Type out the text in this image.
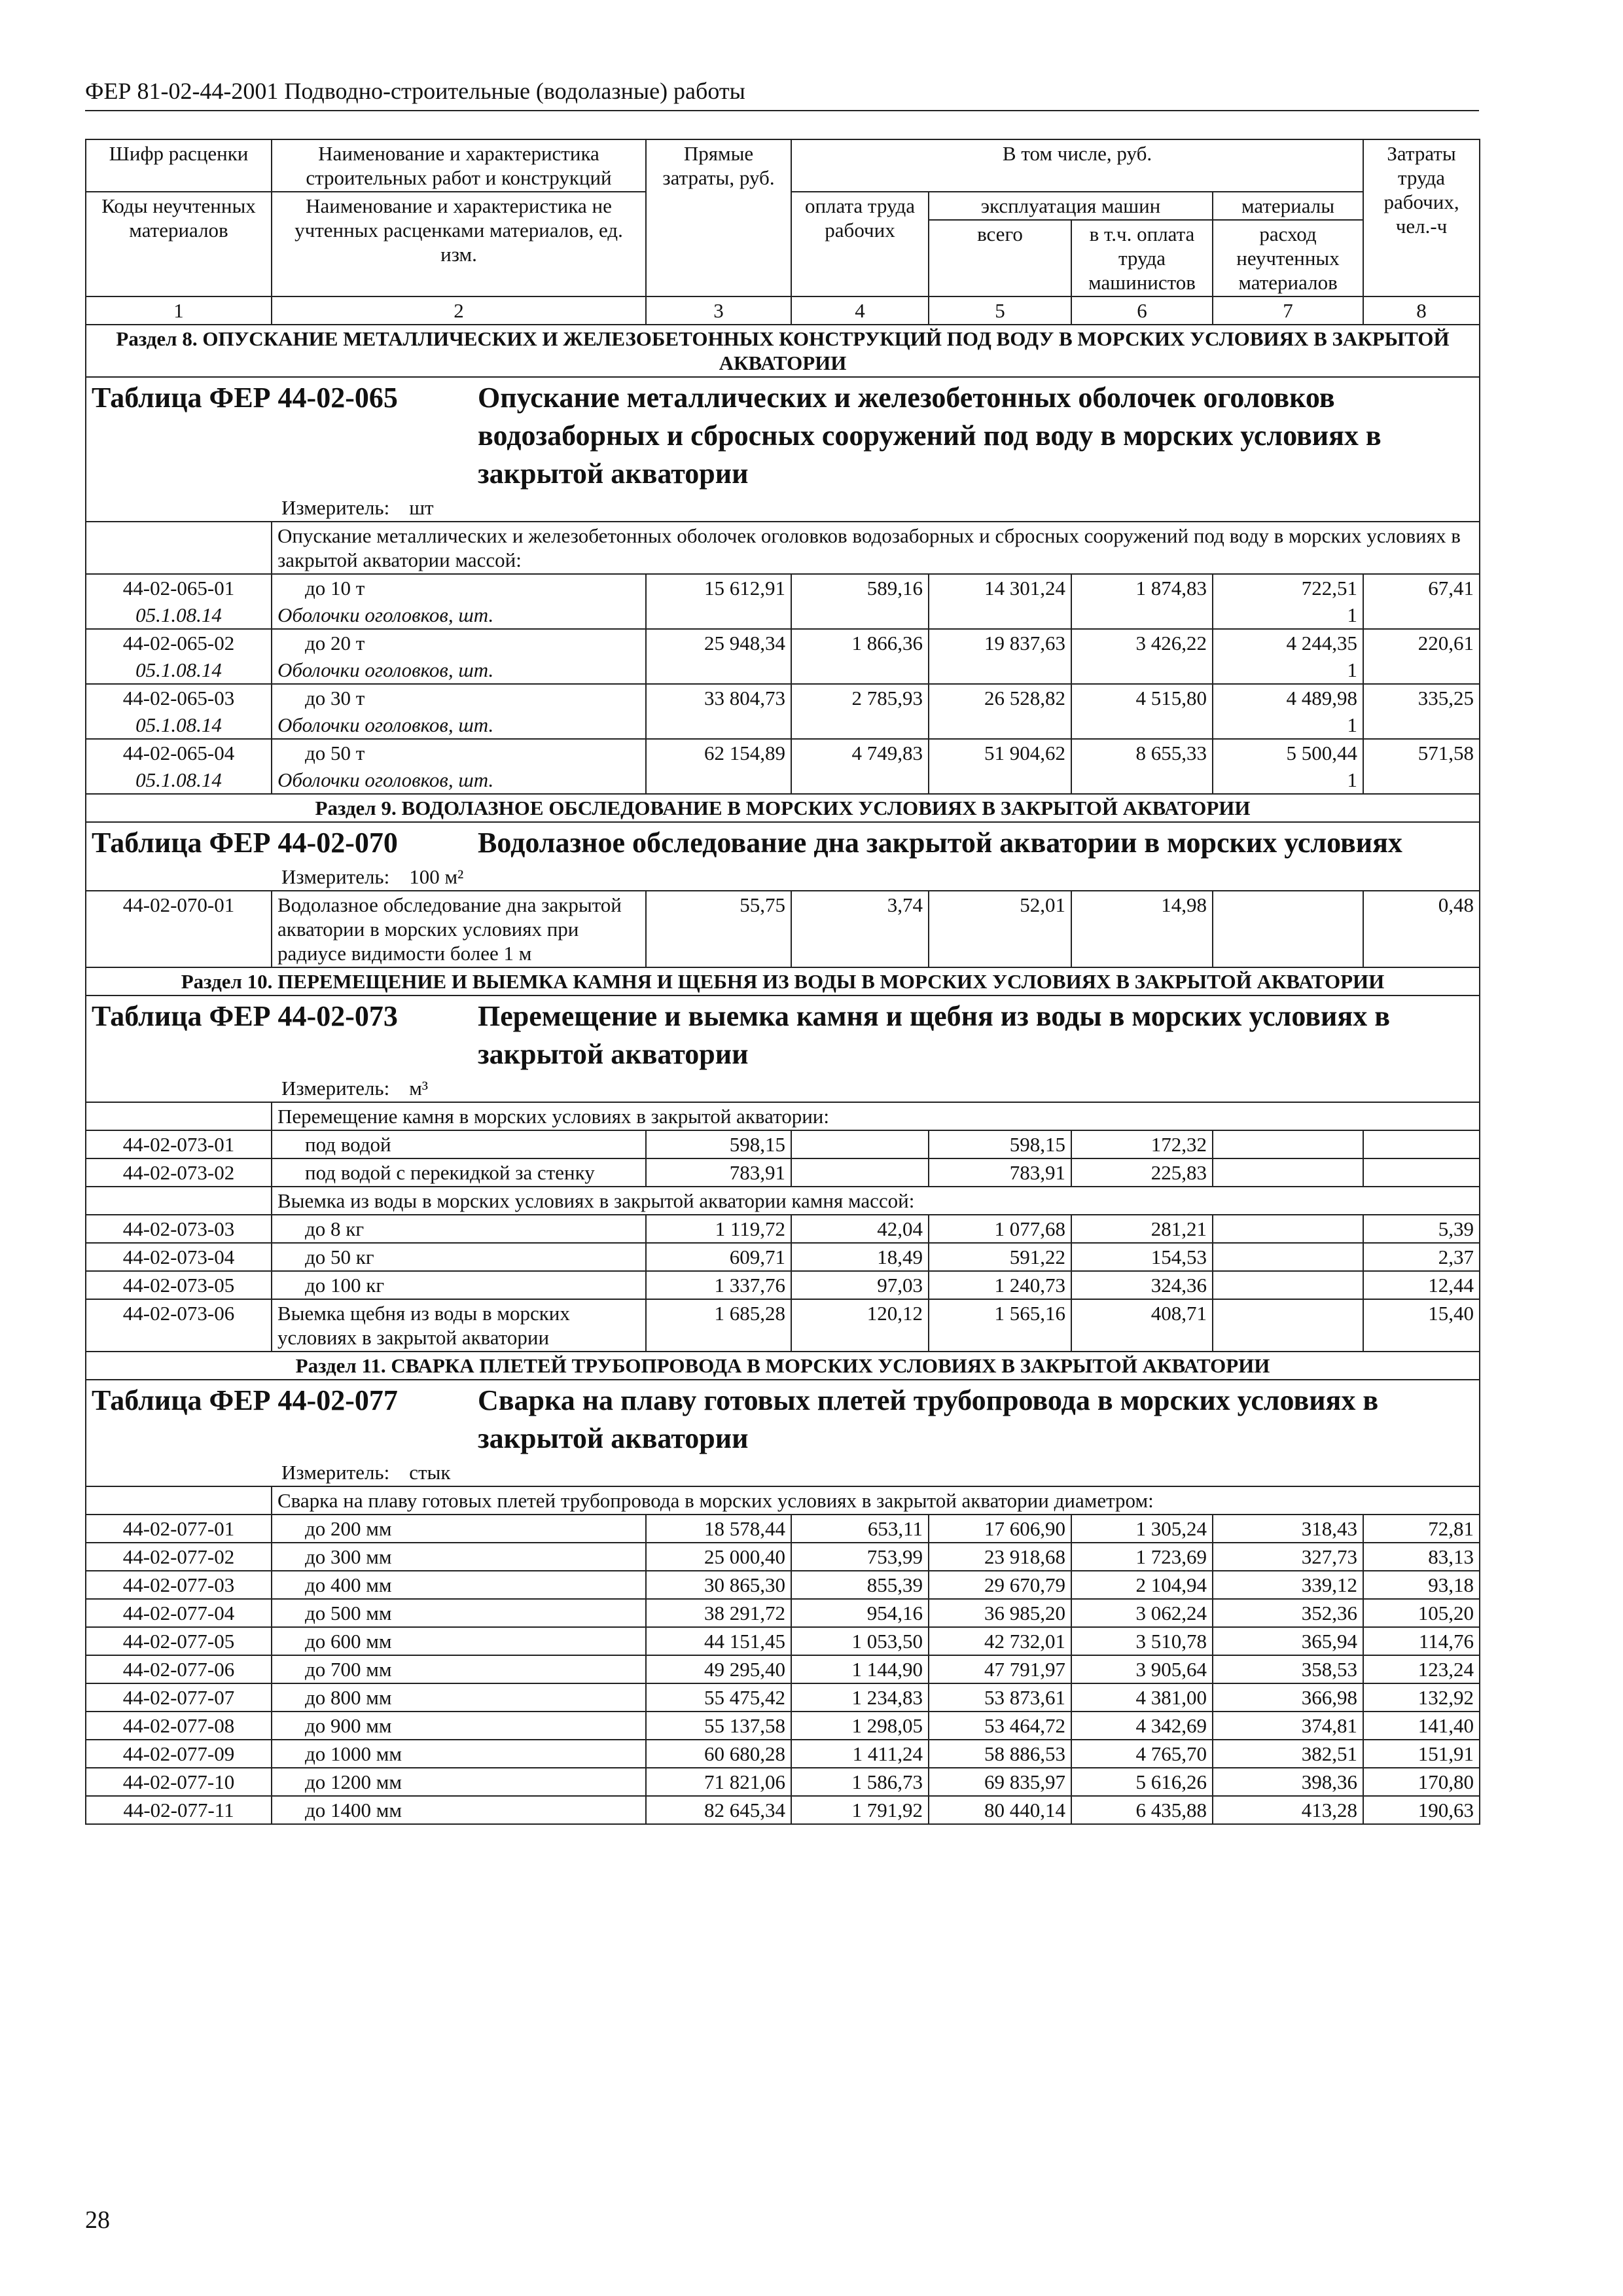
ФЕР 81-02-44-2001 Подводно-строительные (водолазные) работы
Шифр расценки	Наименование и характеристика строительных работ и конструкций	Прямые затраты, руб.	В том числе, руб.				Затраты труда рабочих, чел.-ч

Коды неучтенных материалов	Наименование и характеристика не учтенных расценками материалов, ед. изм.		оплата труда рабочих	эксплуатация машин		материалы	
				всего	в т.ч. оплата труда машинистов	расход неучтенных материалов	
1	2	3	4	5	6	7	8
Раздел 8. ОПУСКАНИЕ МЕТАЛЛИЧЕСКИХ И ЖЕЛЕЗОБЕТОННЫХ КОНСТРУКЦИЙ ПОД ВОДУ В МОРСКИХ УСЛОВИЯХ В ЗАКРЫТОЙ АКВАТОРИИ							

Таблица ФЕР 44-02-065 Опускание металлических и железобетонных оболочек оголовков водозаборных и сбросных сооружений под воду в морских условиях в закрытой акватории							

Измеритель: шт							

	Опускание металлических и железобетонных оболочек оголовков водозаборных и сбросных сооружений под воду в морских условиях в закрытой акватории массой:						
44-02-065-01	до 10 т	15 612,91	589,16	14 301,24	1 874,83	722,51	67,41
05.1.08.14	Оболочки оголовков, шт.					1	
44-02-065-02	до 20 т	25 948,34	1 866,36	19 837,63	3 426,22	4 244,35	220,61
05.1.08.14	Оболочки оголовков, шт.					1	
44-02-065-03	до 30 т	33 804,73	2 785,93	26 528,82	4 515,80	4 489,98	335,25
05.1.08.14	Оболочки оголовков, шт.					1	
44-02-065-04	до 50 т	62 154,89	4 749,83	51 904,62	8 655,33	5 500,44	571,58
05.1.08.14	Оболочки оголовков, шт.					1	
Раздел 9. ВОДОЛАЗНОЕ ОБСЛЕДОВАНИЕ В МОРСКИХ УСЛОВИЯХ В ЗАКРЫТОЙ АКВАТОРИИ							

Таблица ФЕР 44-02-070 Водолазное обследование дна закрытой акватории в морских условиях							

Измеритель: 100 м²							

44-02-070-01	Водолазное обследование дна закрытой акватории в морских условиях при радиусе видимости более 1 м	55,75	3,74	52,01	14,98		0,48
Раздел 10. ПЕРЕМЕЩЕНИЕ И ВЫЕМКА КАМНЯ И ЩЕБНЯ ИЗ ВОДЫ В МОРСКИХ УСЛОВИЯХ В ЗАКРЫТОЙ АКВАТОРИИ							

Таблица ФЕР 44-02-073 Перемещение и выемка камня и щебня из воды в морских условиях в закрытой акватории							

Измеритель: м³							

	Перемещение камня в морских условиях в закрытой акватории:						
44-02-073-01	под водой	598,15		598,15	172,32		
44-02-073-02	под водой с перекидкой за стенку	783,91		783,91	225,83		
	Выемка из воды в морских условиях в закрытой акватории камня массой:						
44-02-073-03	до 8 кг	1 119,72	42,04	1 077,68	281,21		5,39
44-02-073-04	до 50 кг	609,71	18,49	591,22	154,53		2,37
44-02-073-05	до 100 кг	1 337,76	97,03	1 240,73	324,36		12,44
44-02-073-06	Выемка щебня из воды в морских условиях в закрытой акватории	1 685,28	120,12	1 565,16	408,71		15,40
Раздел 11. СВАРКА ПЛЕТЕЙ ТРУБОПРОВОДА В МОРСКИХ УСЛОВИЯХ В ЗАКРЫТОЙ АКВАТОРИИ							

Таблица ФЕР 44-02-077 Сварка на плаву готовых плетей трубопровода в морских условиях в закрытой акватории							

Измеритель: стык							

	Сварка на плаву готовых плетей трубопровода в морских условиях в закрытой акватории диаметром:						
44-02-077-01	до 200 мм	18 578,44	653,11	17 606,90	1 305,24	318,43	72,81
44-02-077-02	до 300 мм	25 000,40	753,99	23 918,68	1 723,69	327,73	83,13
44-02-077-03	до 400 мм	30 865,30	855,39	29 670,79	2 104,94	339,12	93,18
44-02-077-04	до 500 мм	38 291,72	954,16	36 985,20	3 062,24	352,36	105,20
44-02-077-05	до 600 мм	44 151,45	1 053,50	42 732,01	3 510,78	365,94	114,76
44-02-077-06	до 700 мм	49 295,40	1 144,90	47 791,97	3 905,64	358,53	123,24
44-02-077-07	до 800 мм	55 475,42	1 234,83	53 873,61	4 381,00	366,98	132,92
44-02-077-08	до 900 мм	55 137,58	1 298,05	53 464,72	4 342,69	374,81	141,40
44-02-077-09	до 1000 мм	60 680,28	1 411,24	58 886,53	4 765,70	382,51	151,91
44-02-077-10	до 1200 мм	71 821,06	1 586,73	69 835,97	5 616,26	398,36	170,80
44-02-077-11	до 1400 мм	82 645,34	1 791,92	80 440,14	6 435,88	413,28	190,63
28
